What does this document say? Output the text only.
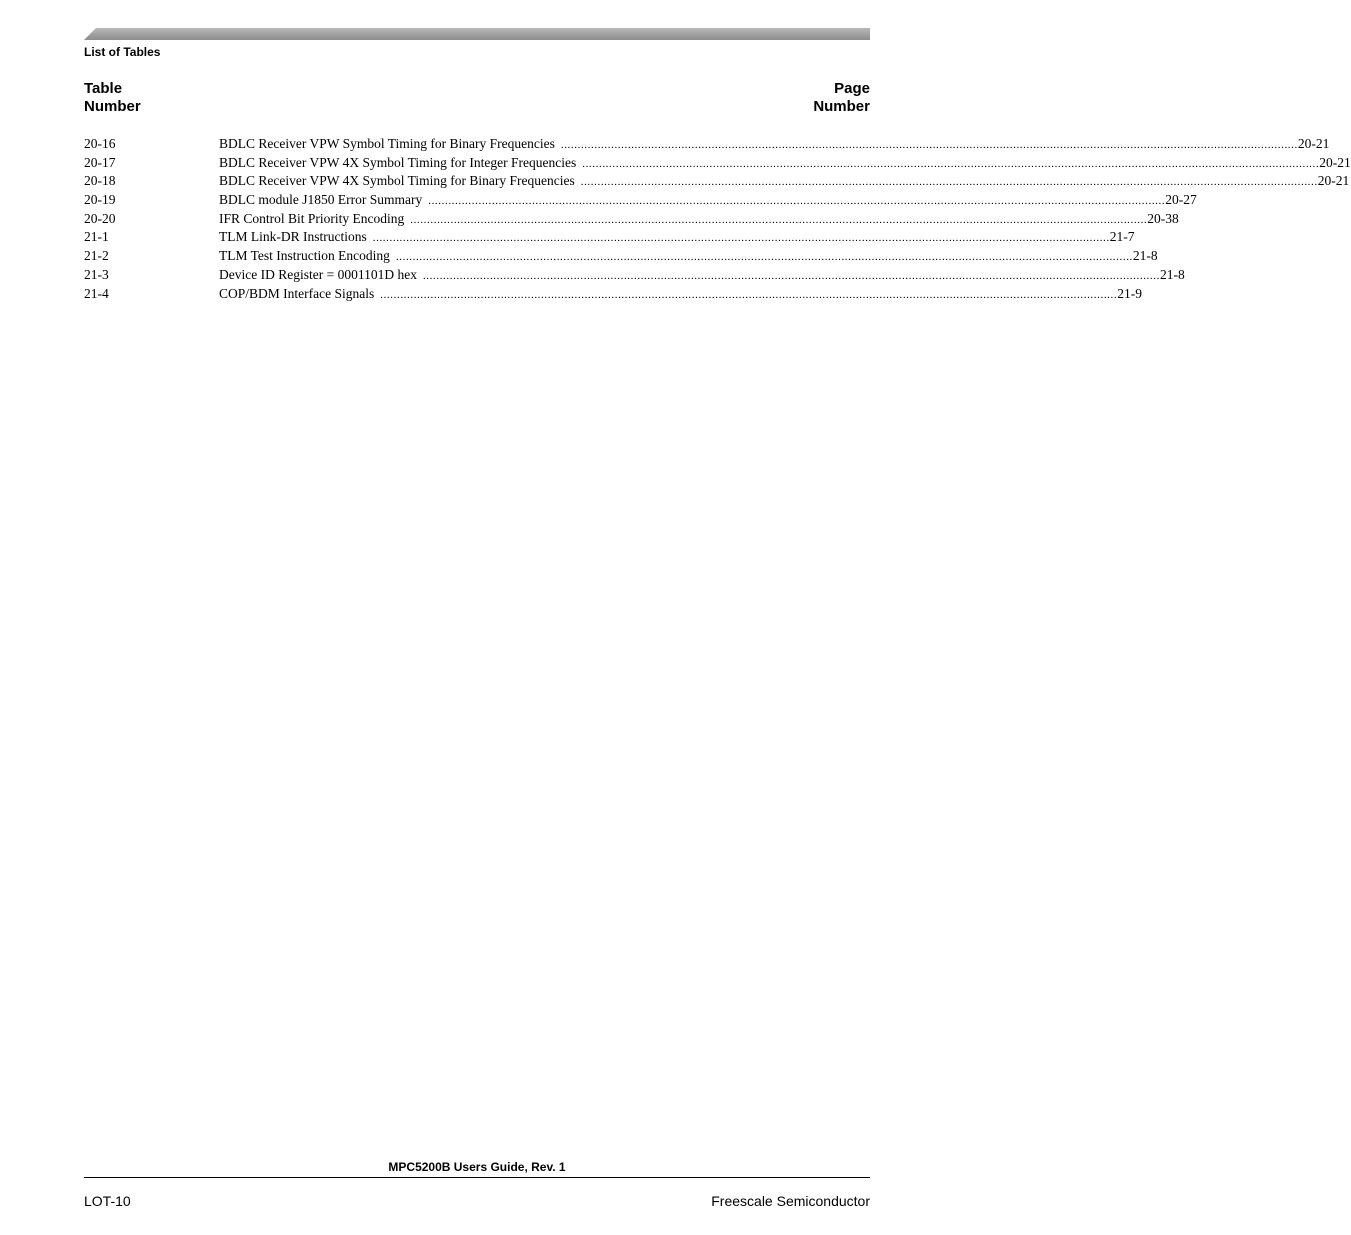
List of Tables
Table
Number
Page
Number
20-16	BDLC Receiver VPW Symbol Timing for Binary Frequencies ............................................................................................................................................................................................................................ 20-21
20-17	BDLC Receiver VPW 4X Symbol Timing for Integer Frequencies ............................................................................................................................................................................................................................ 20-21
20-18	BDLC Receiver VPW 4X Symbol Timing for Binary Frequencies ............................................................................................................................................................................................................................ 20-21
20-19	BDLC module J1850 Error Summary ............................................................................................................................................................................................................................ 20-27
20-20	IFR Control Bit Priority Encoding ............................................................................................................................................................................................................................ 20-38
21-1	TLM Link-DR Instructions ............................................................................................................................................................................................................................ 21-7
21-2	TLM Test Instruction Encoding ............................................................................................................................................................................................................................ 21-8
21-3	Device ID Register = 0001101D hex ............................................................................................................................................................................................................................ 21-8
21-4	COP/BDM Interface Signals ............................................................................................................................................................................................................................ 21-9
MPC5200B Users Guide, Rev. 1
LOT-10	Freescale Semiconductor
